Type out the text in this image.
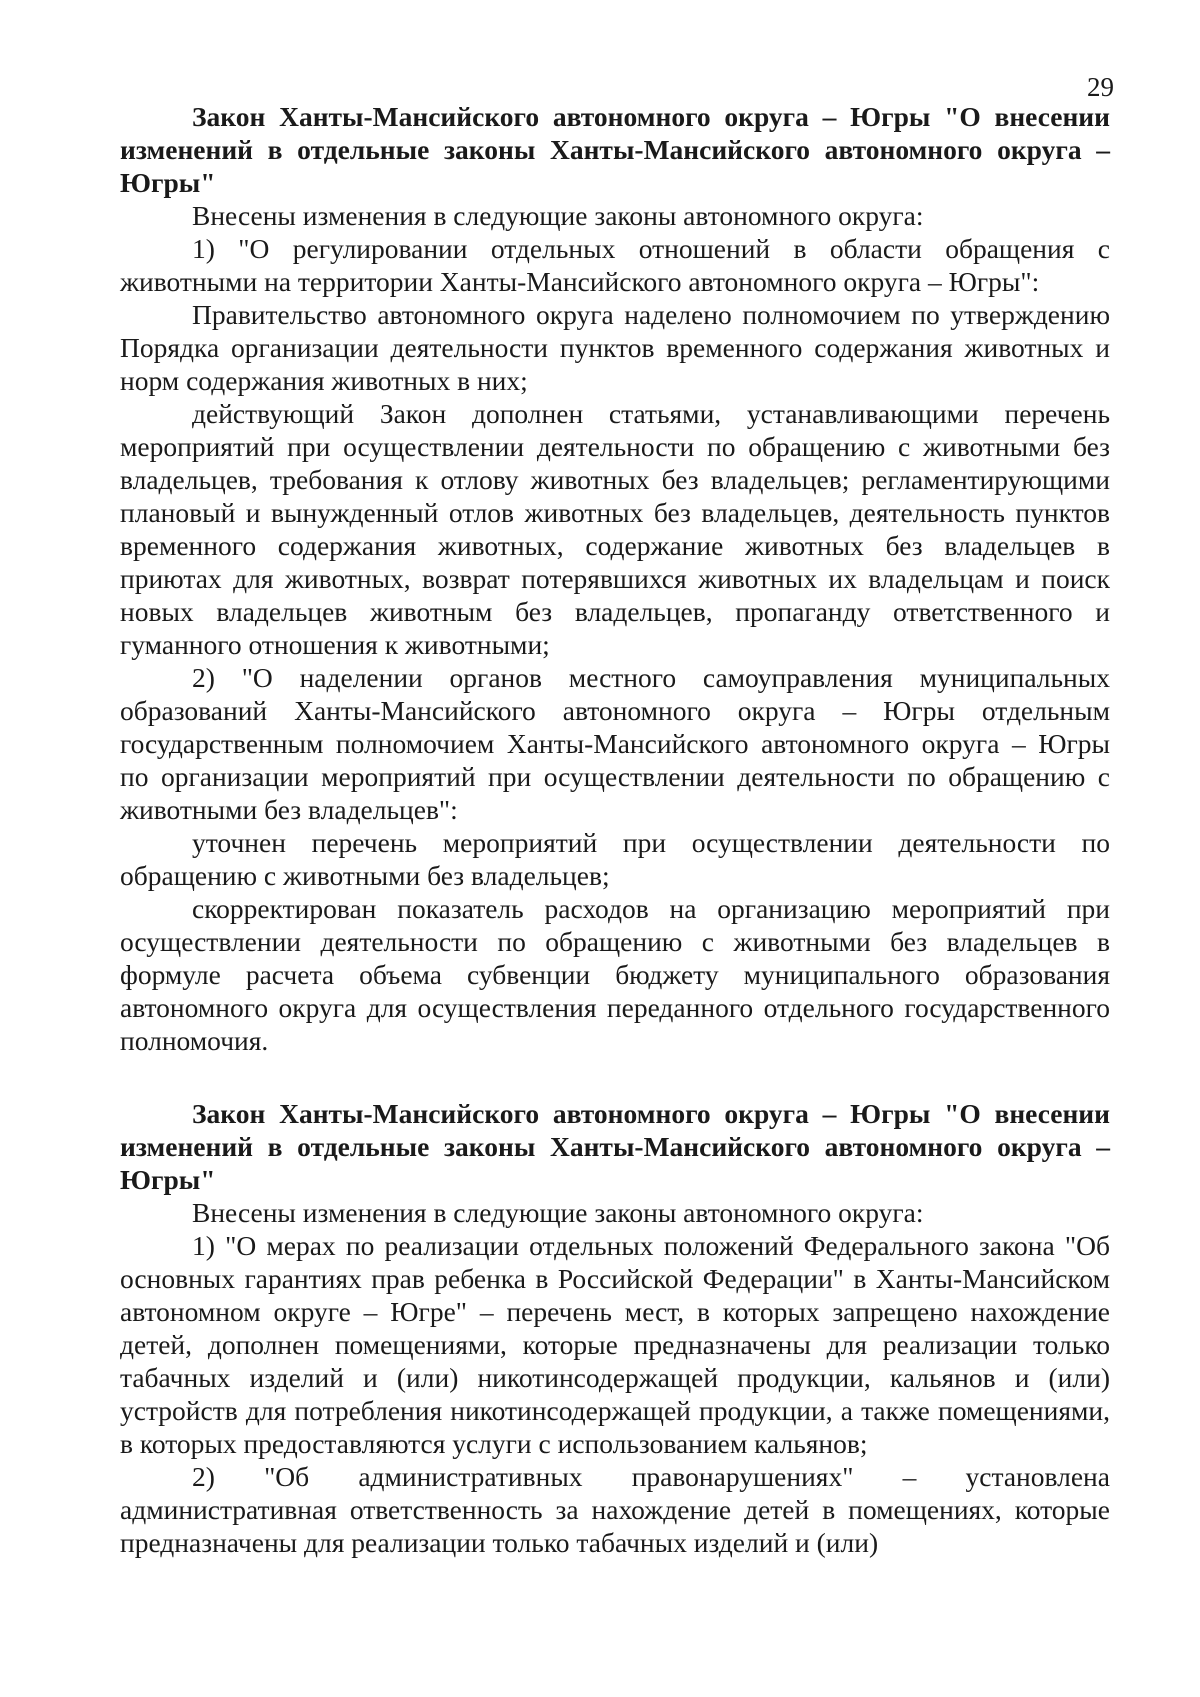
29

Закон Ханты-Мансийского автономного округа – Югры "О внесении изменений в отдельные законы Ханты-Мансийского автономного округа – Югры"

Внесены изменения в следующие законы автономного округа:

1) "О регулировании отдельных отношений в области обращения с животными на территории Ханты-Мансийского автономного округа – Югры":

Правительство автономного округа наделено полномочием по утверждению Порядка организации деятельности пунктов временного содержания животных и норм содержания животных в них;

действующий Закон дополнен статьями, устанавливающими перечень мероприятий при осуществлении деятельности по обращению с животными без владельцев, требования к отлову животных без владельцев; регламентирующими плановый и вынужденный отлов животных без владельцев, деятельность пунктов временного содержания животных, содержание животных без владельцев в приютах для животных, возврат потерявшихся животных их владельцам и поиск новых владельцев животным без владельцев, пропаганду ответственного и гуманного отношения к животными;

2) "О наделении органов местного самоуправления муниципальных образований Ханты-Мансийского автономного округа – Югры отдельным государственным полномочием Ханты-Мансийского автономного округа – Югры по организации мероприятий при осуществлении деятельности по обращению с животными без владельцев":

уточнен перечень мероприятий при осуществлении деятельности по обращению с животными без владельцев;

скорректирован показатель расходов на организацию мероприятий при осуществлении деятельности по обращению с животными без владельцев в формуле расчета объема субвенции бюджету муниципального образования автономного округа для осуществления переданного отдельного государственного полномочия.

Закон Ханты-Мансийского автономного округа – Югры "О внесении изменений в отдельные законы Ханты-Мансийского автономного округа – Югры"

Внесены изменения в следующие законы автономного округа:

1) "О мерах по реализации отдельных положений Федерального закона "Об основных гарантиях прав ребенка в Российской Федерации" в Ханты-Мансийском автономном округе – Югре" – перечень мест, в которых запрещено нахождение детей, дополнен помещениями, которые предназначены для реализации только табачных изделий и (или) никотинсодержащей продукции, кальянов и (или) устройств для потребления никотинсодержащей продукции, а также помещениями, в которых предоставляются услуги с использованием кальянов;

2) "Об административных правонарушениях" – установлена административная ответственность за нахождение детей в помещениях, которые предназначены для реализации только табачных изделий и (или)
